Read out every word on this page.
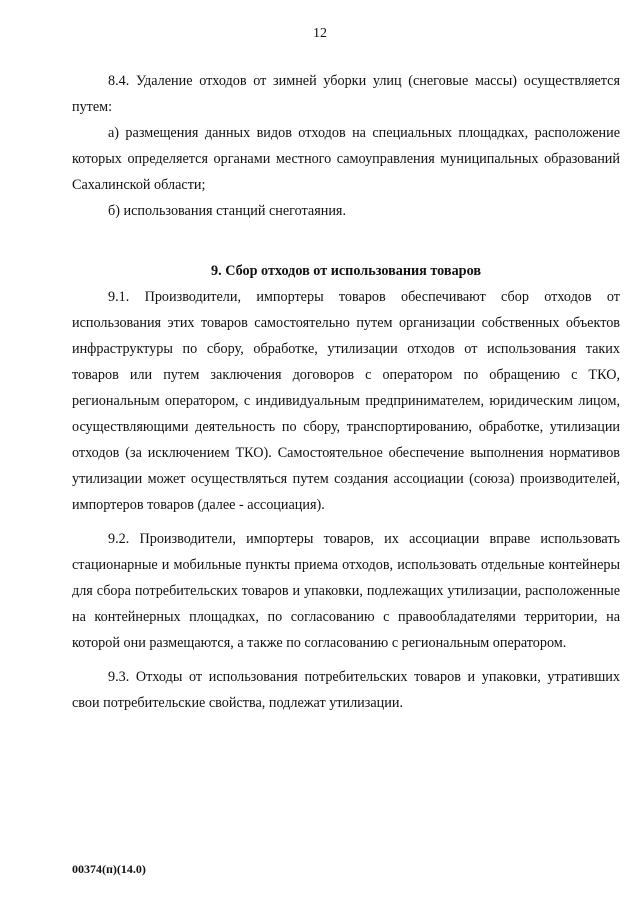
12

8.4. Удаление отходов от зимней уборки улиц (снеговые массы) осуществляется путем:

а) размещения данных видов отходов на специальных площадках, расположение которых определяется органами местного самоуправления муниципальных образований Сахалинской области;

б) использования станций снеготаяния.

9. Сбор отходов от использования товаров

9.1. Производители, импортеры товаров обеспечивают сбор отходов от использования этих товаров самостоятельно путем организации собственных объектов инфраструктуры по сбору, обработке, утилизации отходов от использования таких товаров или путем заключения договоров с оператором по обращению с ТКО, региональным оператором, с индивидуальным предпринимателем, юридическим лицом, осуществляющими деятельность по сбору, транспортированию, обработке, утилизации отходов (за исключением ТКО). Самостоятельное обеспечение выполнения нормативов утилизации может осуществляться путем создания ассоциации (союза) производителей, импортеров товаров (далее - ассоциация).

9.2. Производители, импортеры товаров, их ассоциации вправе использовать стационарные и мобильные пункты приема отходов, использовать отдельные контейнеры для сбора потребительских товаров и упаковки, подлежащих утилизации, расположенные на контейнерных площадках, по согласованию с правообладателями территории, на которой они размещаются, а также по согласованию с региональным оператором.

9.3. Отходы от использования потребительских товаров и упаковки, утративших свои потребительские свойства, подлежат утилизации.

00374(п)(14.0)
